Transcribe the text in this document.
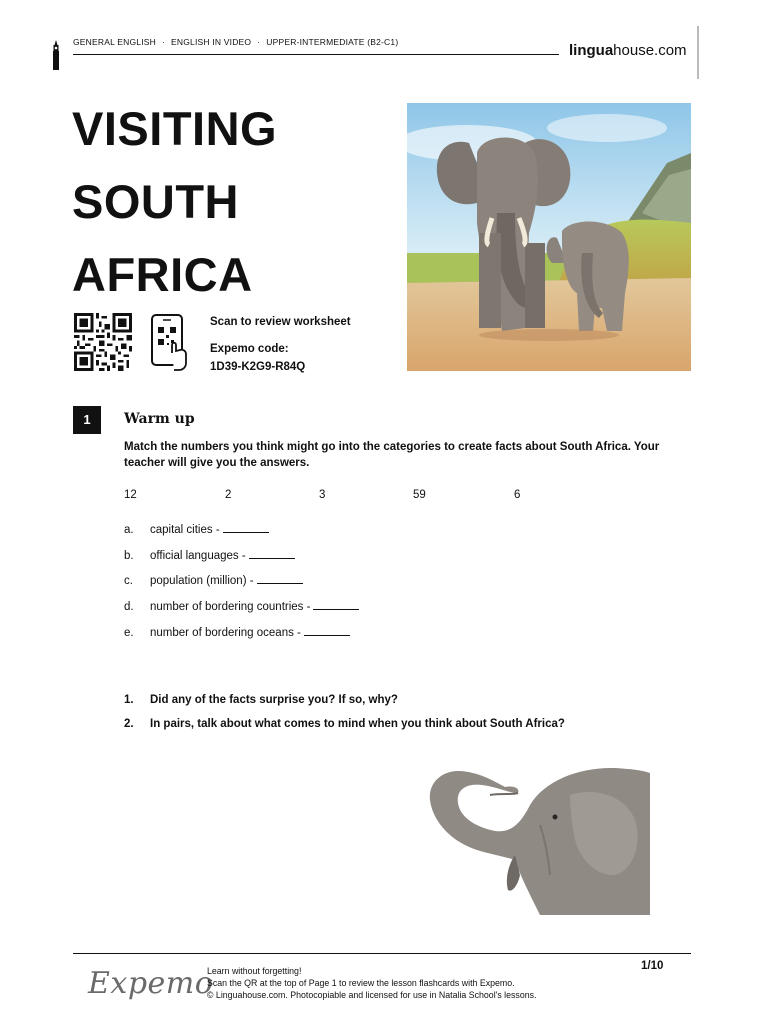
GENERAL ENGLISH · ENGLISH IN VIDEO · UPPER-INTERMEDIATE (B2-C1)	linguahouse.com
VISITING
SOUTH
AFRICA
Scan to review worksheet
Expemo code:
1D39-K2G9-R84Q
1	Warm up
Match the numbers you think might go into the categories to create facts about South Africa. Your teacher will give you the answers.
12	2	3	59	6
a. capital cities -
b. official languages -
c. population (million) -
d. number of bordering countries -
e. number of bordering oceans -
1. Did any of the facts surprise you? If so, why?
2. In pairs, talk about what comes to mind when you think about South Africa?
Expemo
Learn without forgetting!
Scan the QR at the top of Page 1 to review the lesson flashcards with Expemo.
© Linguahouse.com. Photocopiable and licensed for use in Natalia School's lessons.
1/10
